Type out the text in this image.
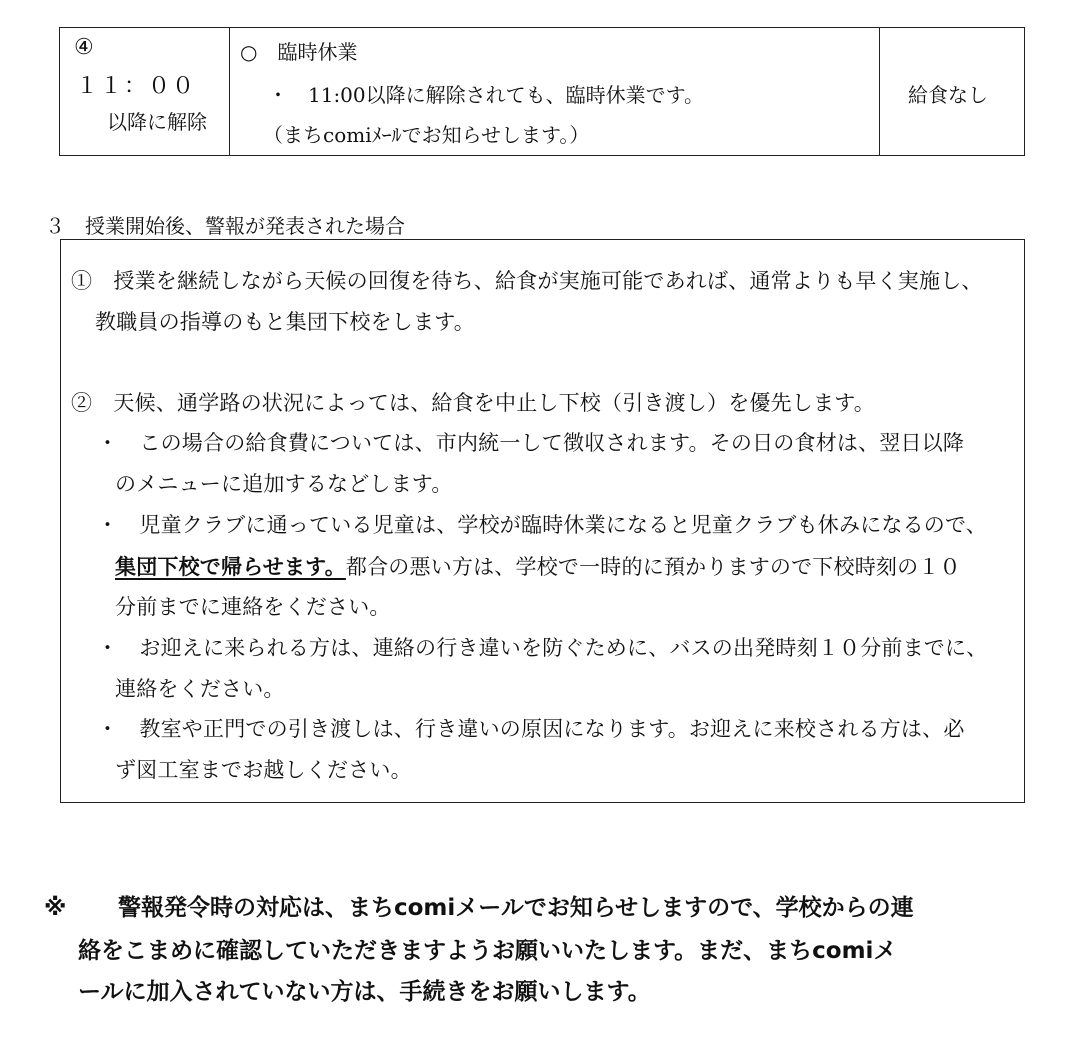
④
１１：００
以降に解除
○　臨時休業
・　11:00以降に解除されても、臨時休業です。
（まちcomiﾒｰﾙでお知らせします。）
給食なし
３　授業開始後、警報が発表された場合
①　授業を継続しながら天候の回復を待ち、給食が実施可能であれば、通常よりも早く実施し、
教職員の指導のもと集団下校をします。
②　天候、通学路の状況によっては、給食を中止し下校（引き渡し）を優先します。
・　この場合の給食費については、市内統一して徴収されます。その日の食材は、翌日以降
のメニューに追加するなどします。
・　児童クラブに通っている児童は、学校が臨時休業になると児童クラブも休みになるので、
集団下校で帰らせます。都合の悪い方は、学校で一時的に預かりますので下校時刻の１０
分前までに連絡をください。
・　お迎えに来られる方は、連絡の行き違いを防ぐために、バスの出発時刻１０分前までに、
連絡をください。
・　教室や正門での引き渡しは、行き違いの原因になります。お迎えに来校される方は、必
ず図工室までお越しください。
※ 警報発令時の対応は、まちcomiメールでお知らせしますので、学校からの連
絡をこまめに確認していただきますようお願いいたします。まだ、まちcomiメ
ールに加入されていない方は、手続きをお願いします。
